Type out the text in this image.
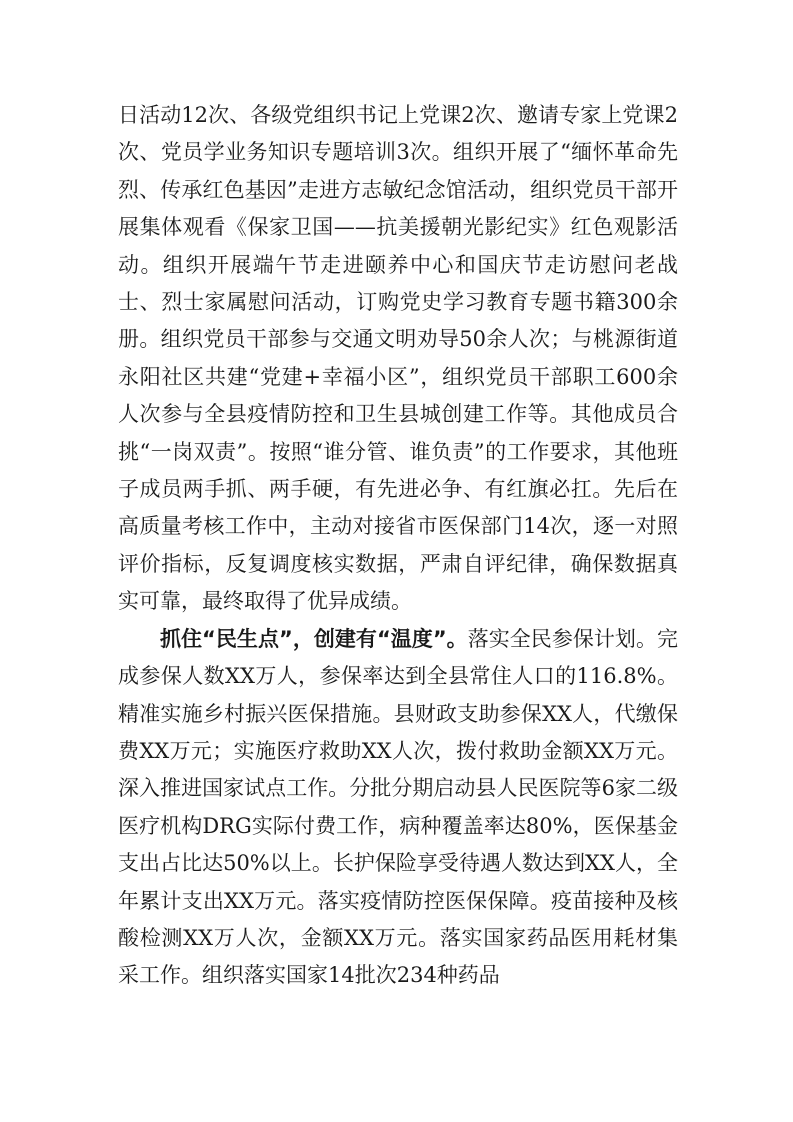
日活动12次、各级党组织书记上党课2次、邀请专家上党课2次、党员学业务知识专题培训3次。组织开展了“缅怀革命先烈、传承红色基因”走进方志敏纪念馆活动，组织党员干部开展集体观看《保家卫国——抗美援朝光影纪实》红色观影活动。组织开展端午节走进颐养中心和国庆节走访慰问老战士、烈士家属慰问活动，订购党史学习教育专题书籍300余册。组织党员干部参与交通文明劝导50余人次；与桃源街道永阳社区共建“党建+幸福小区”，组织党员干部职工600余人次参与全县疫情防控和卫生县城创建工作等。其他成员合挑“一岗双责”。按照“谁分管、谁负责”的工作要求，其他班子成员两手抓、两手硬，有先进必争、有红旗必扛。先后在高质量考核工作中，主动对接省市医保部门14次，逐一对照评价指标，反复调度核实数据，严肃自评纪律，确保数据真实可靠，最终取得了优异成绩。

抓住“民生点”，创建有“温度”。落实全民参保计划。完成参保人数XX万人，参保率达到全县常住人口的116.8%。精准实施乡村振兴医保措施。县财政支助参保XX人，代缴保费XX万元；实施医疗救助XX人次，拨付救助金额XX万元。深入推进国家试点工作。分批分期启动县人民医院等6家二级医疗机构DRG实际付费工作，病种覆盖率达80%，医保基金支出占比达50%以上。长护保险享受待遇人数达到XX人，全年累计支出XX万元。落实疫情防控医保保障。疫苗接种及核酸检测XX万人次，金额XX万元。落实国家药品医用耗材集采工作。组织落实国家14批次234种药品
